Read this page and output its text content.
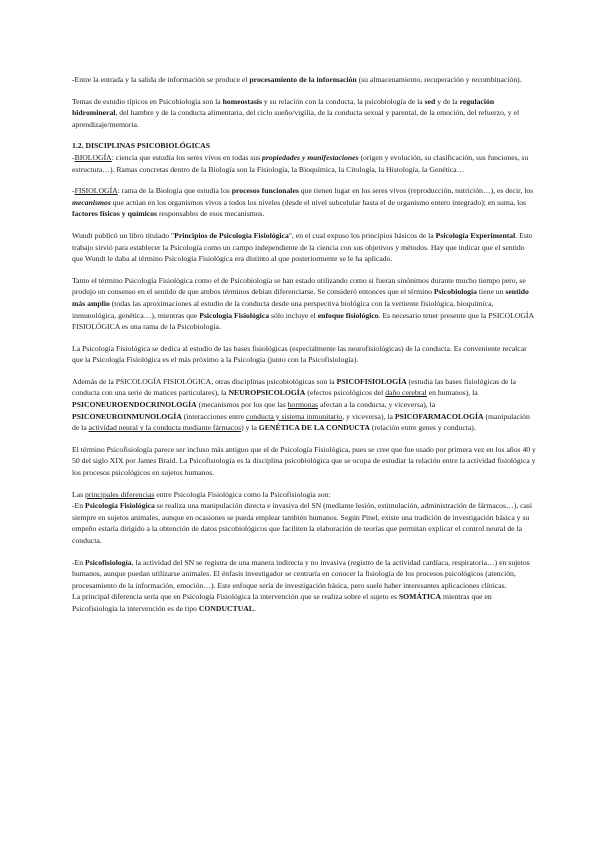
-Entre la entrada y la salida de información se produce el procesamiento de la información (su almacenamiento, recuperación y recombinación).

Temas de estudio típicos en Psicobiología son la homeostasis y su relación con la conducta, la psicobiología de la sed y de la regulación hidromineral, del hambre y de la conducta alimentaria, del ciclo sueño/vigilia, de la conducta sexual y parental, de la emoción, del refuerzo, y el aprendizaje/memoria.

1.2. DISCIPLINAS PSICOBIOLÓGICAS

-BIOLOGÍA: ciencia que estudia los seres vivos en todas sus propiedades y manifestaciones (origen y evolución, su clasificación, sus funciones, su estructura…). Ramas concretas dentro de la Biología son la Fisiología, la Bioquímica, la Citología, la Histología, la Genética…

-FISIOLOGÍA: rama de la Biología que estudia los procesos funcionales que tienen lugar en los seres vivos (reproducción, nutrición…), es decir, los mecanismos que actúan en los organismos vivos a todos los niveles (desde el nivel subcelular hasta el de organismo entero integrado); en suma, los factores físicos y químicos responsables de esos mecanismos.

Wundt publicó un libro titulado "Principios de Psicología Fisiológica", en el cual expuso los principios básicos de la Psicología Experimental. Este trabajo sirvió para establecer la Psicología como un campo independiente de la ciencia con sus objetivos y métodos. Hay que indicar que el sentido que Wundt le daba al término Psicología Fisiológica era distinto al que posteriormente se le ha aplicado.

Tanto el término Psicología Fisiológica como el de Psicobiología se han estado utilizando como si fueran sinónimos durante mucho tiempo pero, se produjo un consenso en el sentido de que ambos términos debían diferenciarse. Se consideró entonces que el término Psicobiología tiene un sentido más amplio (todas las aproximaciones al estudio de la conducta desde una perspectiva biológica con la vertiente fisiológica, bioquímica, inmunológica, genética…), mientras que Psicología Fisiológica sólo incluye el enfoque fisiológico. Es necesario tener presente que la PSICOLOGÍA FISIOLÓGICA es una rama de la Psicobiología.

La Psicología Fisiológica se dedica al estudio de las bases fisiológicas (especialmente las neurofisiológicas) de la conducta. Es conveniente recalcar que la Psicología Fisiológica es el más próximo a la Psicología (junto con la Psicofisiología).

Además de la PSICOLOGÍA FISIOLÓGICA, otras disciplinas psicobiológicas son la PSICOFISIOLOGÍA (estudia las bases fisiológicas de la conducta con una serie de matices particulares), la NEUROPSICOLOGÍA (efectos psicológicos del daño cerebral en humanos), la PSICONEUROENDOCRINOLOGÍA (mecanismos por los que las hormonas afectan a la conducta, y viceversa), la PSICONEUROINMUNOLOGÍA (interacciones entre conducta y sistema inmunitario, y viceversa), la PSICOFARMACOLOGÍA (manipulación de la actividad neural y la conducta mediante fármacos) y la GENÉTICA DE LA CONDUCTA (relación entre genes y conducta).

El término Psicofisiología parece ser incluso más antiguo que el de Psicología Fisiológica, pues se cree que fue usado por primera vez en los años 40 y 50 del siglo XIX por James Braid. La Psicofisiología es la disciplina psicobiológica que se ocupa de estudiar la relación entre la actividad fisiológica y los procesos psicológicos en sujetos humanos.

Las principales diferencias entre Psicología Fisiológica como la Psicofisiología son:
-En Psicología Fisiológica se realiza una manipulación directa e invasiva del SN (mediante lesión, estimulación, administración de fármacos…), casi siempre en sujetos animales, aunque en ocasiones se pueda emplear también humanos. Según Pinel, existe una tradición de investigación básica y su empeño estaría dirigido a la obtención de datos psicobiológicos que faciliten la elaboración de teorías que permitan explicar el control neural de la conducta.

-En Psicofisiología, la actividad del SN se registra de una manera indirecta y no invasiva (registro de la actividad cardíaca, respiratoria…) en sujetos humanos, aunque puedan utilizarse animales. El énfasis investigador se centraría en conocer la fisiología de los procesos psicológicos (atención, procesamiento de la información, emoción…). Este enfoque sería de investigación básica, pero suele haber interesantes aplicaciones clínicas.
La principal diferencia sería que en Psicología Fisiológica la intervención que se realiza sobre el sujeto es SOMÁTICA mientras que en Psicofisiología la intervención es de tipo CONDUCTUAL.
